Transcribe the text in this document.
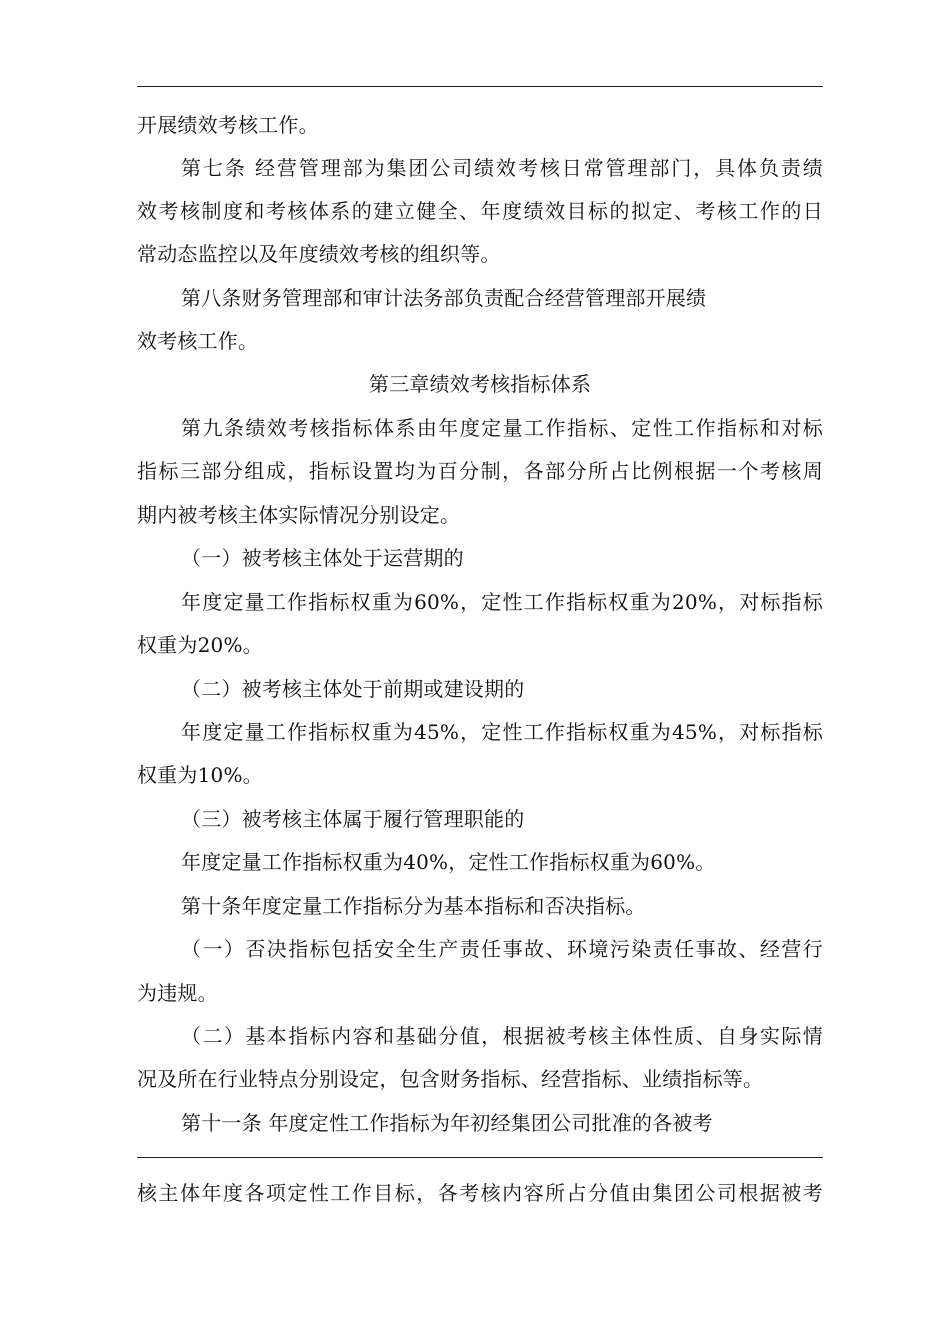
开展绩效考核工作。
第七条 经营管理部为集团公司绩效考核日常管理部门，具体负责绩
效考核制度和考核体系的建立健全、年度绩效目标的拟定、考核工作的日
常动态监控以及年度绩效考核的组织等。
第八条财务管理部和审计法务部负责配合经营管理部开展绩
效考核工作。
第三章绩效考核指标体系
第九条绩效考核指标体系由年度定量工作指标、定性工作指标和对标
指标三部分组成，指标设置均为百分制，各部分所占比例根据一个考核周
期内被考核主体实际情况分别设定。
（一）被考核主体处于运营期的
年度定量工作指标权重为60%，定性工作指标权重为20%，对标指标
权重为20%。
（二）被考核主体处于前期或建设期的
年度定量工作指标权重为45%，定性工作指标权重为45%，对标指标
权重为10%。
（三）被考核主体属于履行管理职能的
年度定量工作指标权重为40%，定性工作指标权重为60%。
第十条年度定量工作指标分为基本指标和否决指标。
（一）否决指标包括安全生产责任事故、环境污染责任事故、经营行
为违规。
（二）基本指标内容和基础分值，根据被考核主体性质、自身实际情
况及所在行业特点分别设定，包含财务指标、经营指标、业绩指标等。
第十一条 年度定性工作指标为年初经集团公司批准的各被考
核主体年度各项定性工作目标，各考核内容所占分值由集团公司根据被考
